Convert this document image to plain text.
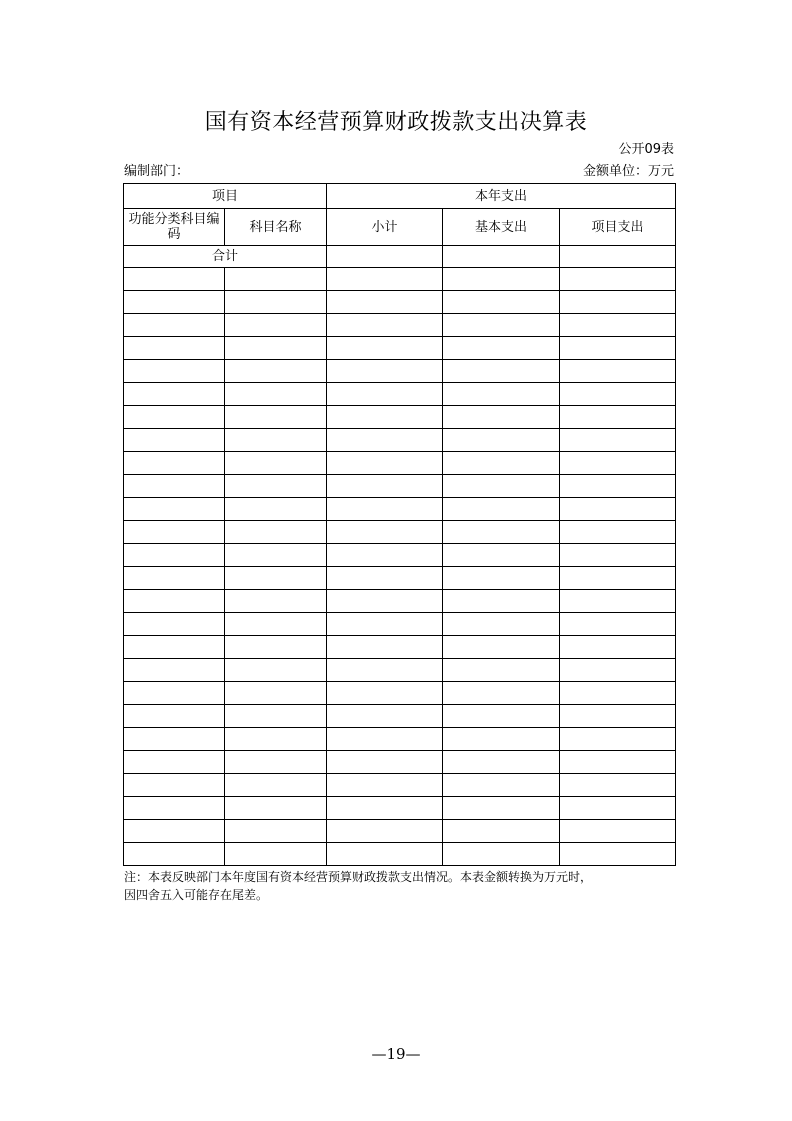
国有资本经营预算财政拨款支出决算表
公开09表
编制部门：	金额单位：万元
项目		本年支出		
功能分类科目编码	科目名称	小计	基本支出	项目支出
合计				

注：本表反映部门本年度国有资本经营预算财政拨款支出情况。本表金额转换为万元时，
因四舍五入可能存在尾差。
—19—
